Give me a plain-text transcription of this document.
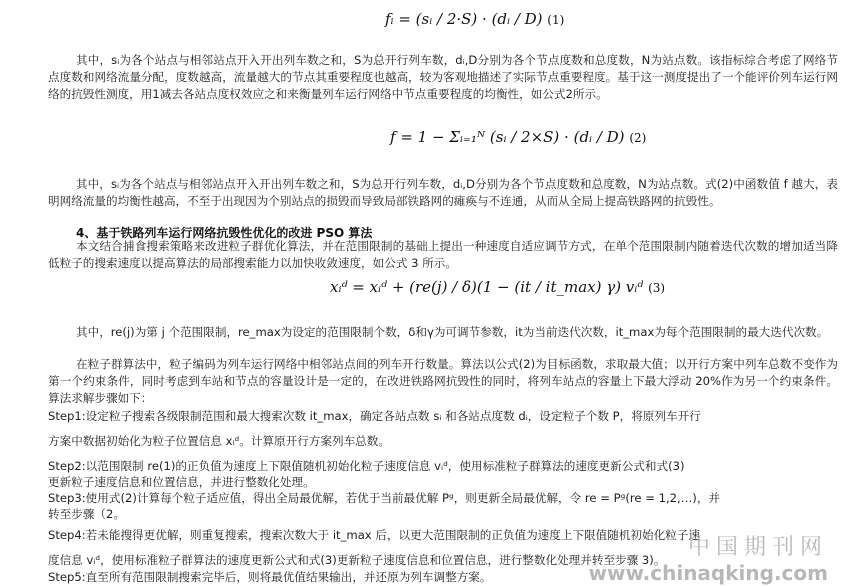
fᵢ = (sᵢ / 2·S) · (dᵢ / D) (1)
其中，sᵢ为各个站点与相邻站点开入开出列车数之和，S为总开行列车数，dᵢ,D分别为各个节点度数和总度数，N为站点数。该指标综合考虑了网络节点度数和网络流量分配，度数越高，流量越大的节点其重要程度也越高，较为客观地描述了实际节点重要程度。基于这一测度提出了一个能评价列车运行网络的抗毁性测度，用1减去各站点度权效应之和来衡量列车运行网络中节点重要程度的均衡性，如公式2所示。
f = 1 − Σᵢ₌₁ᴺ (sᵢ / 2×S) · (dᵢ / D) (2)
其中，sᵢ为各个站点与相邻站点开入开出列车数之和，S为总开行列车数，dᵢ,D分别为各个节点度数和总度数，N为站点数。式(2)中函数值 f 越大，表明网络流量的均衡性越高，不至于出现因为个别站点的损毁而导致局部铁路网的瘫痪与不连通，从而从全局上提高铁路网的抗毁性。
4、基于铁路列车运行网络抗毁性优化的改进 PSO 算法
本文结合捕食搜索策略来改进粒子群优化算法，并在范围限制的基础上提出一种速度自适应调节方式，在单个范围限制内随着迭代次数的增加适当降低粒子的搜索速度以提高算法的局部搜索能力以加快收敛速度，如公式 3 所示。
xᵢᵈ = xᵢᵈ + (re(j) / δ)(1 − (it / it_max) γ) vᵢᵈ (3)
其中，re(j)为第 j 个范围限制，re_max为设定的范围限制个数，δ和γ为可调节参数，it为当前迭代次数，it_max为每个范围限制的最大迭代次数。
在粒子群算法中，粒子编码为列车运行网络中相邻站点间的列车开行数量。算法以公式(2)为目标函数，求取最大值；以开行方案中列车总数不变作为第一个约束条件，同时考虑到车站和节点的容量设计是一定的，在改进铁路网抗毁性的同时，将列车站点的容量上下最大浮动 20%作为另一个约束条件。算法求解步骤如下：
Step1:设定粒子搜索各级限制范围和最大搜索次数 it_max，确定各站点数 sᵢ 和各站点度数 dᵢ，设定粒子个数 P，将原列车开行
方案中数据初始化为粒子位置信息 xᵢᵈ。计算原开行方案列车总数。
Step2:以范围限制 re(1)的正负值为速度上下限值随机初始化粒子速度信息 vᵢᵈ，使用标准粒子群算法的速度更新公式和式(3)
更新粒子速度信息和位置信息，并进行整数化处理。
Step3:使用式(2)计算每个粒子适应值，得出全局最优解，若优于当前最优解 Pᵍ，则更新全局最优解，令 re = Pᵍ(re = 1,2,…)，并
转至步骤（2。
Step4:若未能搜得更优解，则重复搜索，搜索次数大于 it_max 后，以更大范围限制的正负值为速度上下限值随机初始化粒子速
度信息 vᵢᵈ，使用标准粒子群算法的速度更新公式和式(3)更新粒子速度信息和位置信息，进行整数化处理并转至步骤 3)。
Step5:直至所有范围限制搜索完毕后，则将最优值结果输出，并还原为列车调整方案。
中国期刊网
www.chinaqking.com
